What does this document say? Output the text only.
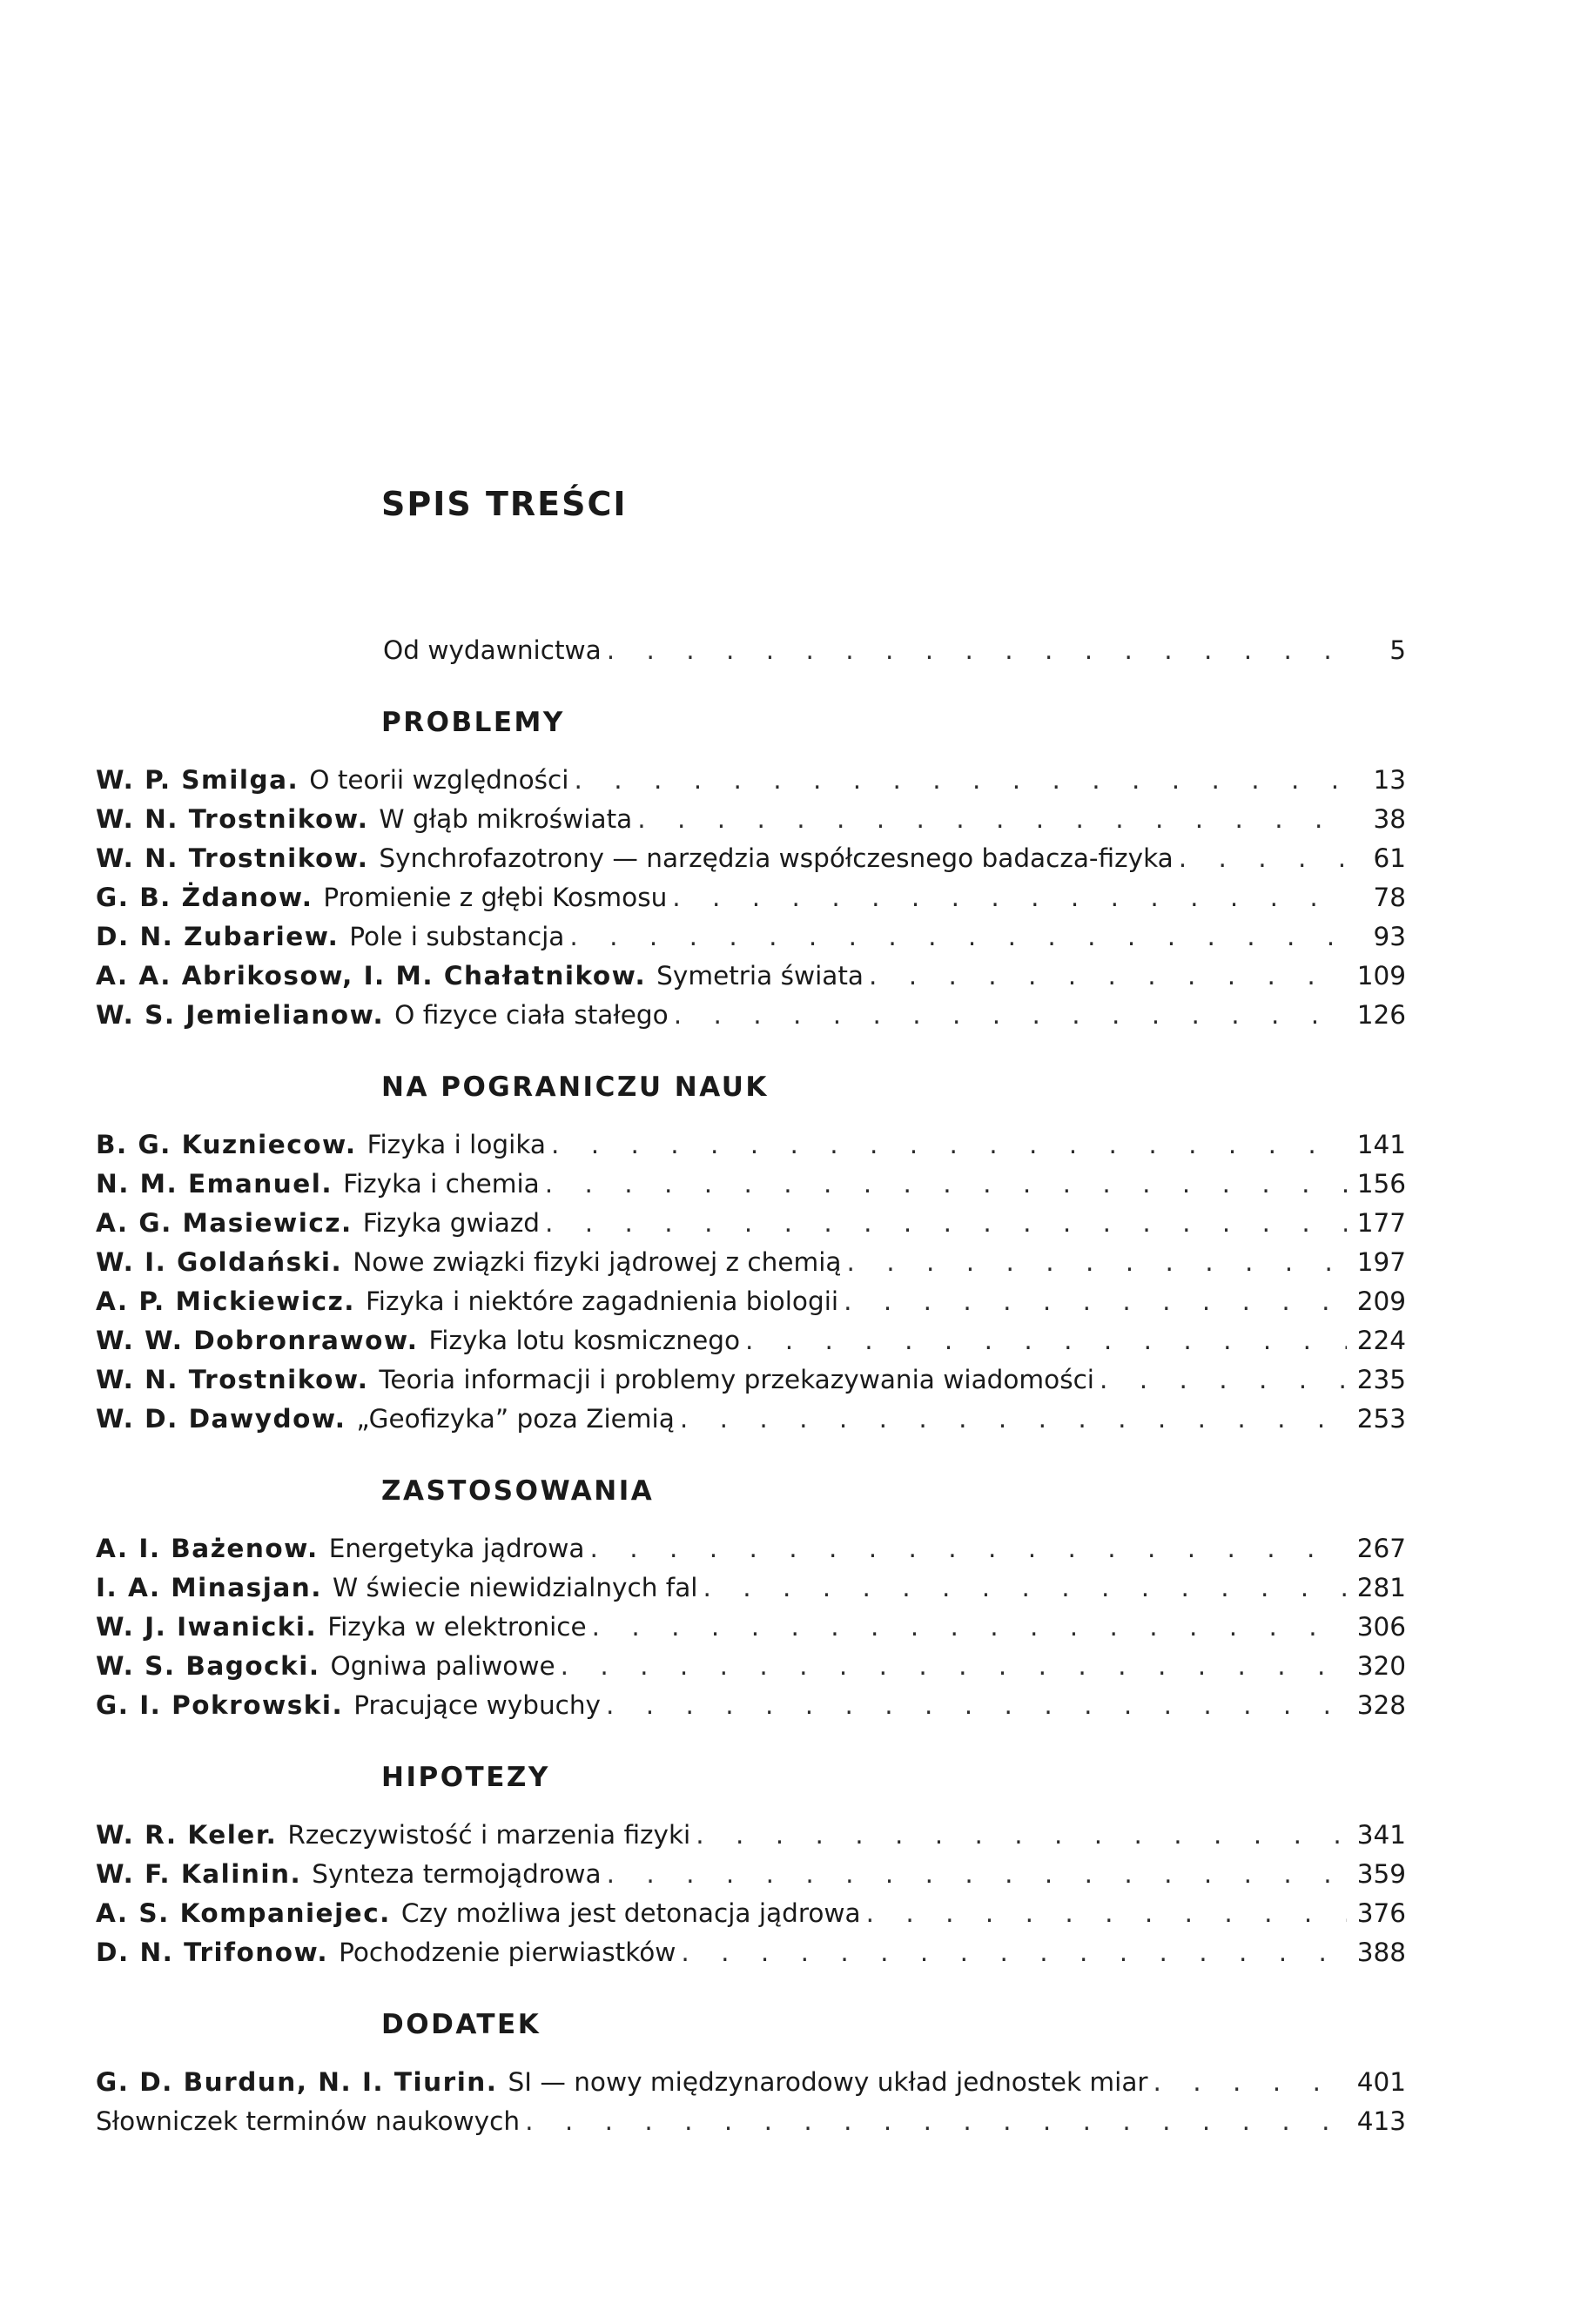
SPIS TREŚCI
Od wydawnictwa . . .	5
PROBLEMY
W. P. Smilga. O teorii względności . . .	13
W. N. Trostnikow. W głąb mikroświata . . .	38
W. N. Trostnikow. Synchrofazotrony — narzędzia współczesnego badacza-fizyka . . .	61
G. B. Żdanow. Promienie z głębi Kosmosu . . .	78
D. N. Zubariew. Pole i substancja . . .	93
A. A. Abrikosow, I. M. Chałatnikow. Symetria świata . . .	109
W. S. Jemielianow. O fizyce ciała stałego . . .	126
NA POGRANICZU NAUK
B. G. Kuzniecow. Fizyka i logika . . .	141
N. M. Emanuel. Fizyka i chemia . . .	156
A. G. Masiewicz. Fizyka gwiazd . . .	177
W. I. Goldański. Nowe związki fizyki jądrowej z chemią . . .	197
A. P. Mickiewicz. Fizyka i niektóre zagadnienia biologii . . .	209
W. W. Dobronrawow. Fizyka lotu kosmicznego . . .	224
W. N. Trostnikow. Teoria informacji i problemy przekazywania wiadomości . . .	235
W. D. Dawydow. „Geofizyka” poza Ziemią . . .	253
ZASTOSOWANIA
A. I. Bażenow. Energetyka jądrowa . . .	267
I. A. Minasjan. W świecie niewidzialnych fal . . .	281
W. J. Iwanicki. Fizyka w elektronice . . .	306
W. S. Bagocki. Ogniwa paliwowe . . .	320
G. I. Pokrowski. Pracujące wybuchy . . .	328
HIPOTEZY
W. R. Keler. Rzeczywistość i marzenia fizyki . . .	341
W. F. Kalinin. Synteza termojądrowa . . .	359
A. S. Kompaniejec. Czy możliwa jest detonacja jądrowa . . .	376
D. N. Trifonow. Pochodzenie pierwiastków . . .	388
DODATEK
G. D. Burdun, N. I. Tiurin. SI — nowy międzynarodowy układ jednostek miar . . .	401
Słowniczek terminów naukowych . . .	413
